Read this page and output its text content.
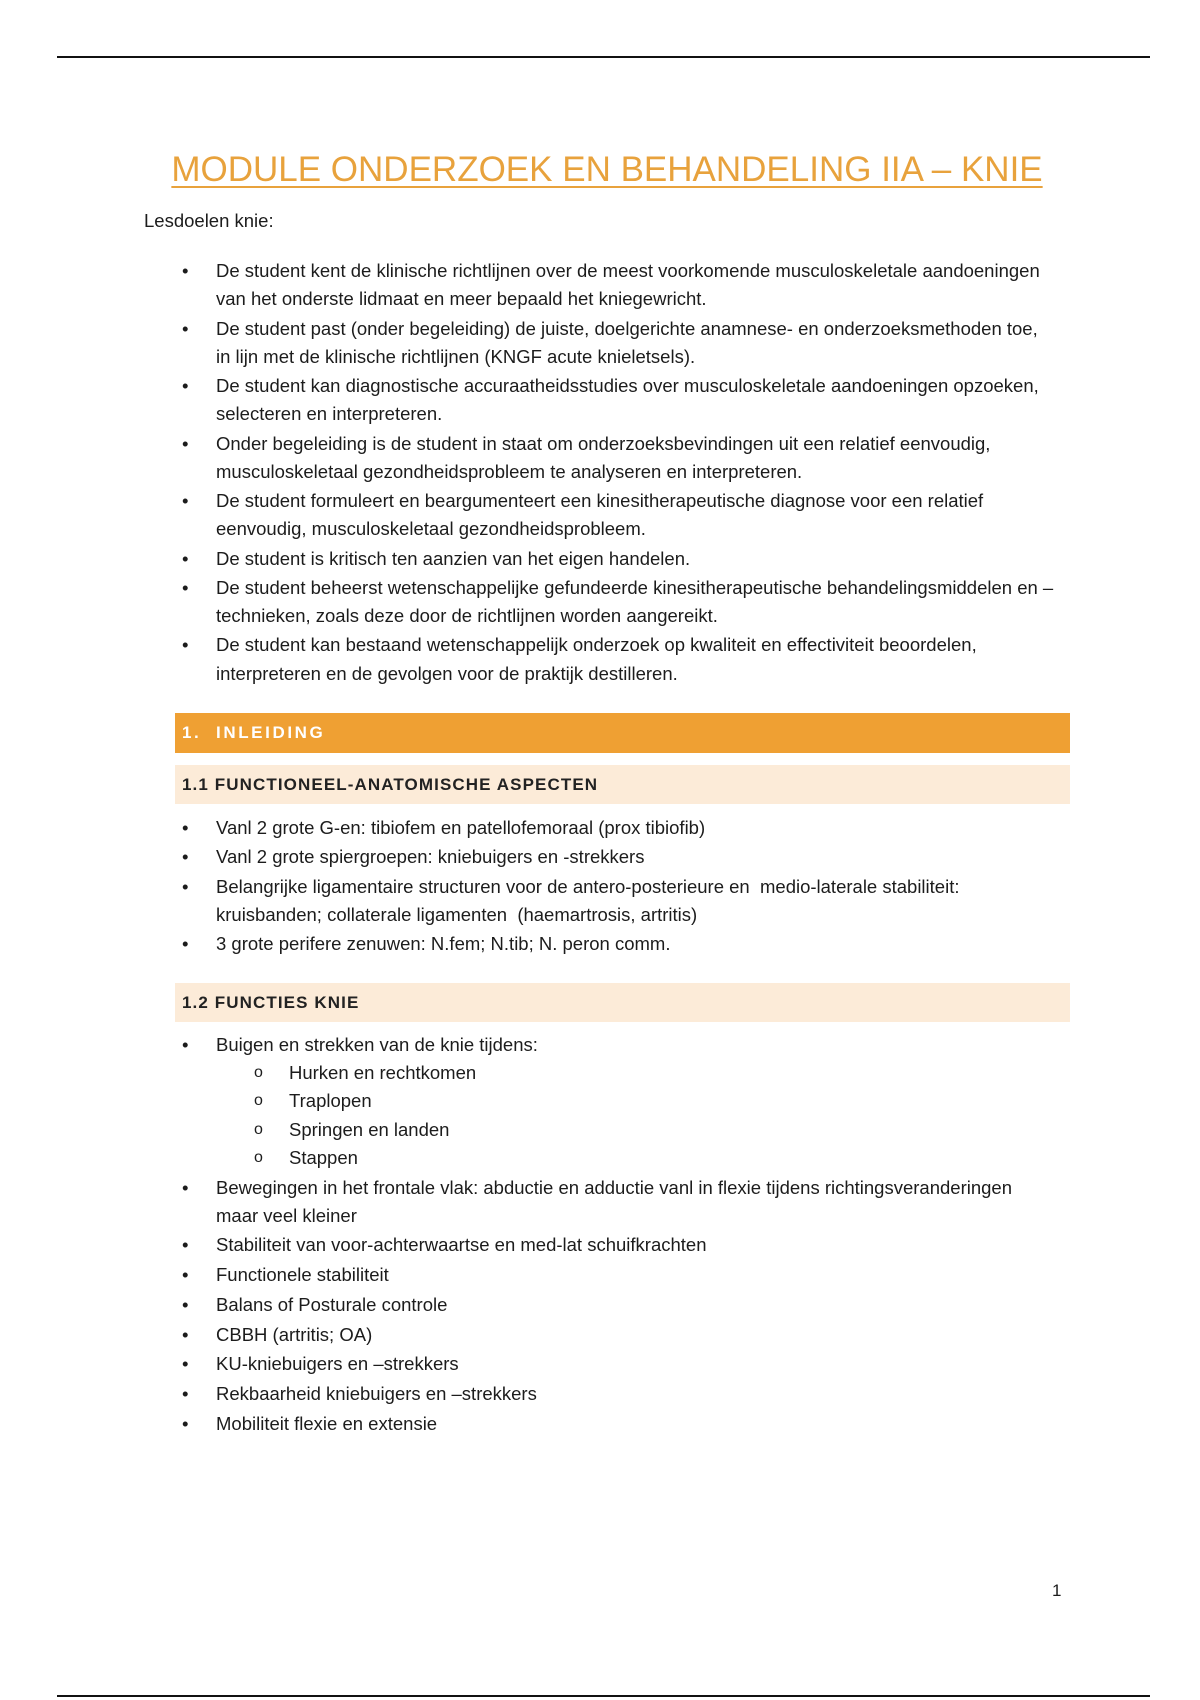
MODULE ONDERZOEK EN BEHANDELING IIA – KNIE

Lesdoelen knie:

•
De student kent de klinische richtlijnen over de meest voorkomende musculoskeletale aandoeningen
van het onderste lidmaat en meer bepaald het kniegewricht.
•
De student past (onder begeleiding) de juiste, doelgerichte anamnese- en onderzoeksmethoden toe,
in lijn met de klinische richtlijnen (KNGF acute knieletsels).
•
De student kan diagnostische accuraatheidsstudies over musculoskeletale aandoeningen opzoeken,
selecteren en interpreteren.
•
Onder begeleiding is de student in staat om onderzoeksbevindingen uit een relatief eenvoudig,
musculoskeletaal gezondheidsprobleem te analyseren en interpreteren.
•
De student formuleert en beargumenteert een kinesitherapeutische diagnose voor een relatief
eenvoudig, musculoskeletaal gezondheidsprobleem.
•
De student is kritisch ten aanzien van het eigen handelen.
•
De student beheerst wetenschappelijke gefundeerde kinesitherapeutische behandelingsmiddelen en –
technieken, zoals deze door de richtlijnen worden aangereikt.
•
De student kan bestaand wetenschappelijk onderzoek op kwaliteit en effectiviteit beoordelen,
interpreteren en de gevolgen voor de praktijk destilleren.
1. INLEIDING
1.1 FUNCTIONEEL-ANATOMISCHE ASPECTEN
•
Vanl 2 grote G-en: tibiofem en patellofemoraal (prox tibiofib)
•
Vanl 2 grote spiergroepen: kniebuigers en -strekkers
•
Belangrijke ligamentaire structuren voor de antero-posterieure en  medio-laterale stabiliteit:
kruisbanden; collaterale ligamenten  (haemartrosis, artritis)
•
3 grote perifere zenuwen: N.fem; N.tib; N. peron comm.
1.2 FUNCTIES KNIE
•
Buigen en strekken van de knie tijdens:
o
Hurken en rechtkomen
o
Traplopen
o
Springen en landen
o
Stappen
•
Bewegingen in het frontale vlak: abductie en adductie vanl in flexie tijdens richtingsveranderingen
maar veel kleiner
•
Stabiliteit van voor-achterwaartse en med-lat schuifkrachten
•
Functionele stabiliteit
•
Balans of Posturale controle
•
CBBH (artritis; OA)
•
KU-kniebuigers en –strekkers
•
Rekbaarheid kniebuigers en –strekkers
•
Mobiliteit flexie en extensie
1
